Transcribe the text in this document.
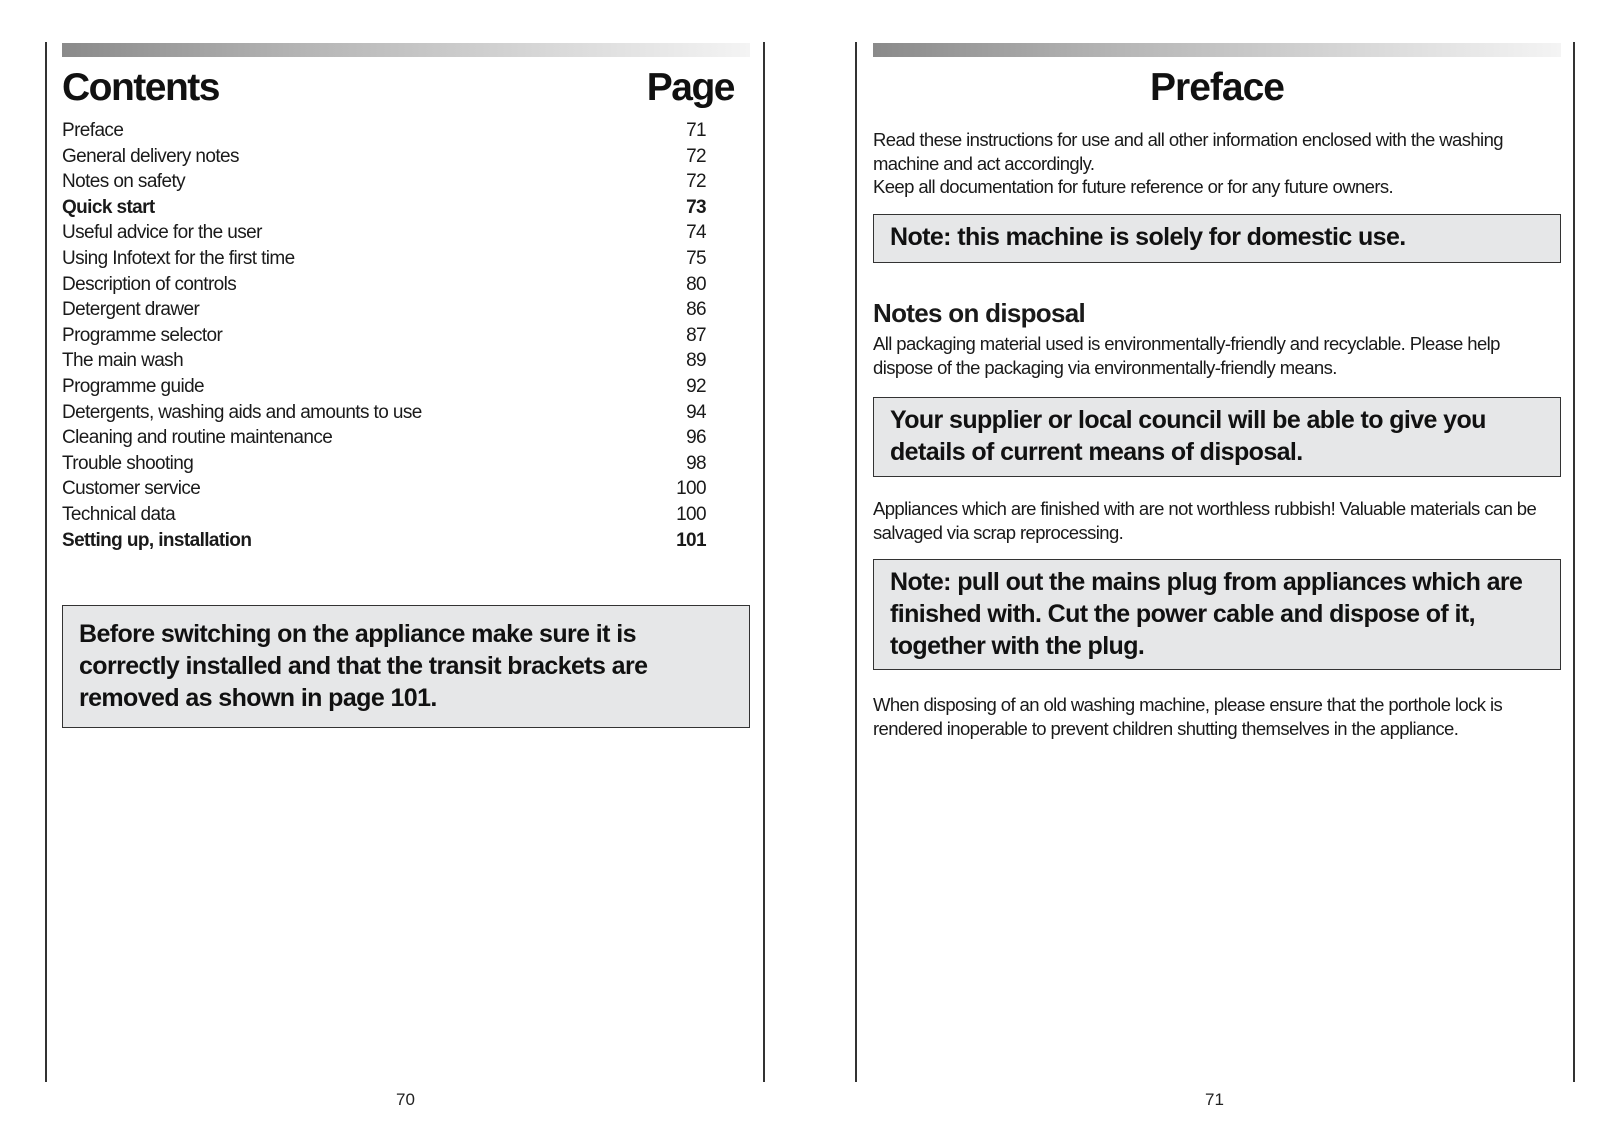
Contents	Page
Preface	71
General delivery notes	72
Notes on safety	72
Quick start	73
Useful advice for the user	74
Using Infotext for the first time	75
Description of controls	80
Detergent drawer	86
Programme selector	87
The main wash	89
Programme guide	92
Detergents, washing aids and amounts to use	94
Cleaning and routine maintenance	96
Trouble shooting	98
Customer service	100
Technical data	100
Setting up, installation	101
Before switching on the appliance make sure it is correctly installed and that the transit brackets are removed as shown in page 101.
70
Preface

Read these instructions for use and all other information enclosed with the washing machine and act accordingly.
Keep all documentation for future reference or for any future owners.

Note: this machine is solely for domestic use.
Notes on disposal

All packaging material used is environmentally-friendly and recyclable. Please help dispose of the packaging via environmentally-friendly means.

Your supplier or local council will be able to give you details of current means of disposal.

Appliances which are finished with are not worthless rubbish! Valuable materials can be salvaged via scrap reprocessing.

Note: pull out the mains plug from appliances which are finished with. Cut the power cable and dispose of it, together with the plug.

When disposing of an old washing machine, please ensure that the porthole lock is rendered inoperable to prevent children shutting themselves in the appliance.

71
